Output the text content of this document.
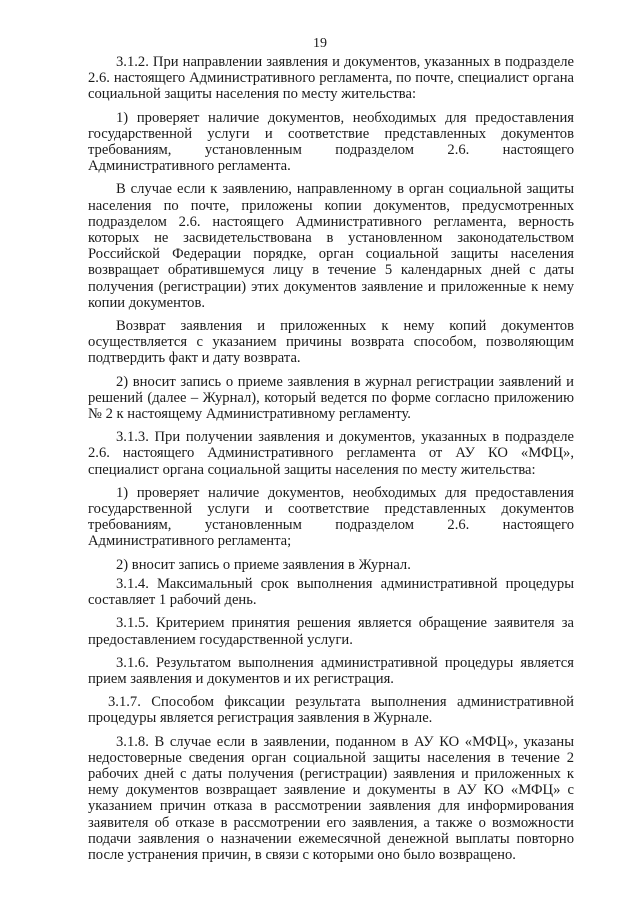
19

3.1.2. При направлении заявления и документов, указанных в подразделе 2.6. настоящего Административного регламента, по почте, специалист органа социальной защиты населения по месту жительства:

1) проверяет наличие документов, необходимых для предоставления государственной услуги и соответствие представленных документов требованиям, установленным подразделом 2.6. настоящего Административного регламента.

В случае если к заявлению, направленному в орган социальной защиты населения по почте, приложены копии документов, предусмотренных подразделом 2.6. настоящего Административного регламента, верность которых не засвидетельствована в установленном законодательством Российской Федерации порядке, орган социальной защиты населения возвращает обратившемуся лицу в течение 5 календарных дней с даты получения (регистрации) этих документов заявление и приложенные к нему копии документов.

Возврат заявления и приложенных к нему копий документов осуществляется с указанием причины возврата способом, позволяющим подтвердить факт и дату возврата.

2) вносит запись о приеме заявления в журнал регистрации заявлений и решений (далее – Журнал), который ведется по форме согласно приложению № 2 к настоящему Административному регламенту.

3.1.3. При получении заявления и документов, указанных в подразделе 2.6. настоящего Административного регламента от АУ КО «МФЦ», специалист органа социальной защиты населения по месту жительства:

1) проверяет наличие документов, необходимых для предоставления государственной услуги и соответствие представленных документов требованиям, установленным подразделом 2.6. настоящего Административного регламента;

2) вносит запись о приеме заявления в Журнал.

3.1.4. Максимальный срок выполнения административной процедуры составляет 1 рабочий день.

3.1.5. Критерием принятия решения является обращение заявителя за предоставлением государственной услуги.

3.1.6. Результатом выполнения административной процедуры является прием заявления и документов и их регистрация.

3.1.7. Способом фиксации результата выполнения административной процедуры является регистрация заявления в Журнале.

3.1.8. В случае если в заявлении, поданном в АУ КО «МФЦ», указаны недостоверные сведения орган социальной защиты населения в течение 2 рабочих дней с даты получения (регистрации) заявления и приложенных к нему документов возвращает заявление и документы в АУ КО «МФЦ» с указанием причин отказа в рассмотрении заявления для информирования заявителя об отказе в рассмотрении его заявления, а также о возможности подачи заявления о назначении ежемесячной денежной выплаты повторно после устранения причин, в связи с которыми оно было возвращено.
